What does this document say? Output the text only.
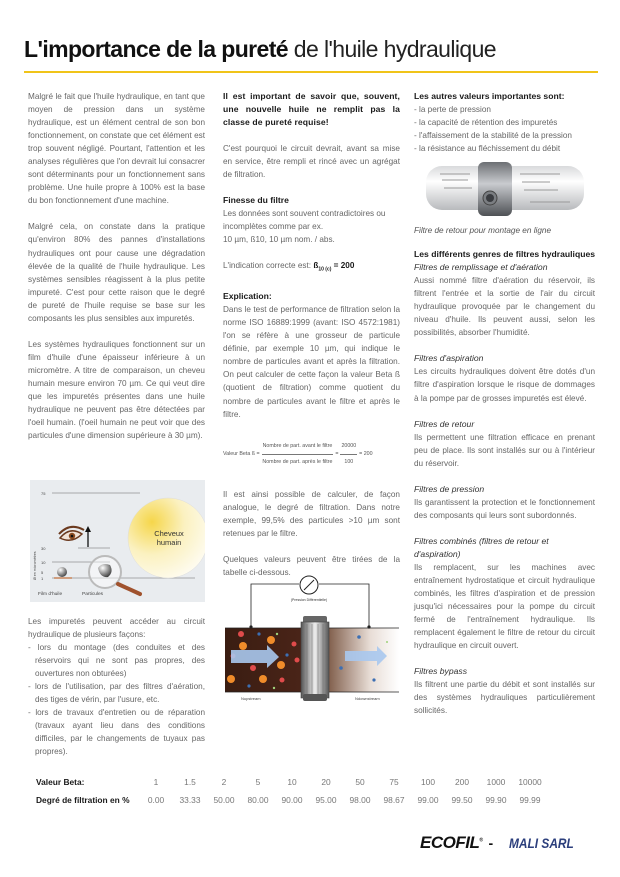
L'importance de la pureté de l'huile hydraulique

Malgré le fait que l'huile hydraulique, en tant que moyen de pression dans un système hydraulique, est un élément central de son bon fonctionnement, on constate que cet élément est trop souvent négligé. Pourtant, l'attention et les analyses régulières que l'on devrait lui consacrer sont déterminants pour un fonctionnement sans problème. Une huile propre à 100% est la base du bon fonctionnement d'une machine.

Malgré cela, on constate dans la pratique qu'environ 80% des pannes d'installations hydrauliques ont pour cause une dégradation élevée de la qualité de l'huile hydraulique. Les systèmes sensibles réagissent à la plus petite impureté. C'est pour cette raison que le degré de pureté de l'huile requise se base sur les composants les plus sensibles aux impuretés.

Les systèmes hydrauliques fonctionnent sur un film d'huile d'une épaisseur inférieure à un micromètre. A titre de comparaison, un cheveu humain mesure environ 70 µm. Ce qui veut dire que les impuretés présentes dans une huile hydraulique ne peuvent pas être détectées par l'oeil humain. (l'oeil humain ne peut voir que des particules d'une dimension supérieure à 30 µm).

75
30
10
5
1
Ø en micromètres
Cheveux
humain
Film d'huile	Particules

Les impuretés peuvent accéder au circuit hydraulique de plusieurs façons:

- lors du montage (des conduites et des réservoirs qui ne sont pas propres, des ouvertures non obturées)
- lors de l'utilisation, par des filtres d'aération, des tiges de vérin, par l'usure, etc.
- lors de travaux d'entretien ou de réparation (travaux ayant lieu dans des conditions difficiles, par le changements de tuyaux pas propres).

Il est important de savoir que, souvent, une nouvelle huile ne remplit pas la classe de pureté requise!

C'est pourquoi le circuit devrait, avant sa mise en service, être rempli et rincé avec un agrégat de filtration.

Finesse du filtre

Les données sont souvent contradictoires ou incomplètes comme par ex.

10 µm, ß10, 10 µm nom. / abs.

L'indication correcte est: $ß_{10 (c)} = 200$

Explication:

Dans le test de performance de filtration selon la norme ISO 16889:1999 (avant: ISO 4572:1981) l'on se réfère à une grosseur de particule définie, par exemple 10 µm, qui indique le nombre de particules avant et après la filtration. On peut calculer de cette façon la valeur Beta ß (quotient de filtration) comme quotient du nombre de particules avant le filtre et après le filtre.

Valeur Beta ß = $\frac{\text{Nombre de part. avant le filtre}}{\text{Nombre de part. après le filtre}} = \frac{20000}{100} = 200$

Il est ainsi possible de calculer, de façon analogue, le degré de filtration. Dans notre exemple, 99,5% des particules >10 µm sont retenues par le filtre.

Quelques valeurs peuvent être tirées de la tabelle ci-dessous.

(Pression Différentielle)
Nupstream	Ndownstream
Les autres valeurs importantes sont:
- la perte de pression
- la capacité de rétention des impuretés
- l'affaissement de la stabilité de la pression
- la résistance au fléchissement du débit

Filtre de retour pour montage en ligne

Les différents genres de filtres hydrauliques
Filtres de remplissage et d'aération

Aussi nommé filtre d'aération du réservoir, ils filtrent l'entrée et la sortie de l'air du circuit hydraulique provoquée par le changement du niveau d'huile. Ils peuvent aussi, selon les possibilités, absorber l'humidité.

Filtres d'aspiration

Les circuits hydrauliques doivent être dotés d'un filtre d'aspiration lorsque le risque de dommages à la pompe par de grosses impuretés est élevé.

Filtres de retour

Ils permettent une filtration efficace en prenant peu de place. Ils sont installés sur ou à l'intérieur du réservoir.

Filtres de pression

Ils garantissent la protection et le fonctionnement des composants qui leurs sont subordonnés.

Filtres combinés (filtres de retour et d'aspiration)

Ils remplacent, sur les machines avec entraînement hydrostatique et circuit hydraulique combinés, les filtres d'aspiration et de pression jusqu'ici nécessaires pour la pompe du circuit fermé de l'entraînement hydraulique. Ils remplacent également le filtre de retour du circuit hydraulique en circuit ouvert.

Filtres bypass

Ils filtrent une partie du débit et sont installés sur des systèmes hydrauliques particulièrement sollicités.

Valeur Beta:	1	1.5	2	5	10	20	50	75	100	200	1000	10000
Degré de filtration en %	0.00	33.33	50.00	80.00	90.00	95.00	98.00	98.67	99.00	99.50	99.90	99.99
ECOFIL® - MALI SARL
